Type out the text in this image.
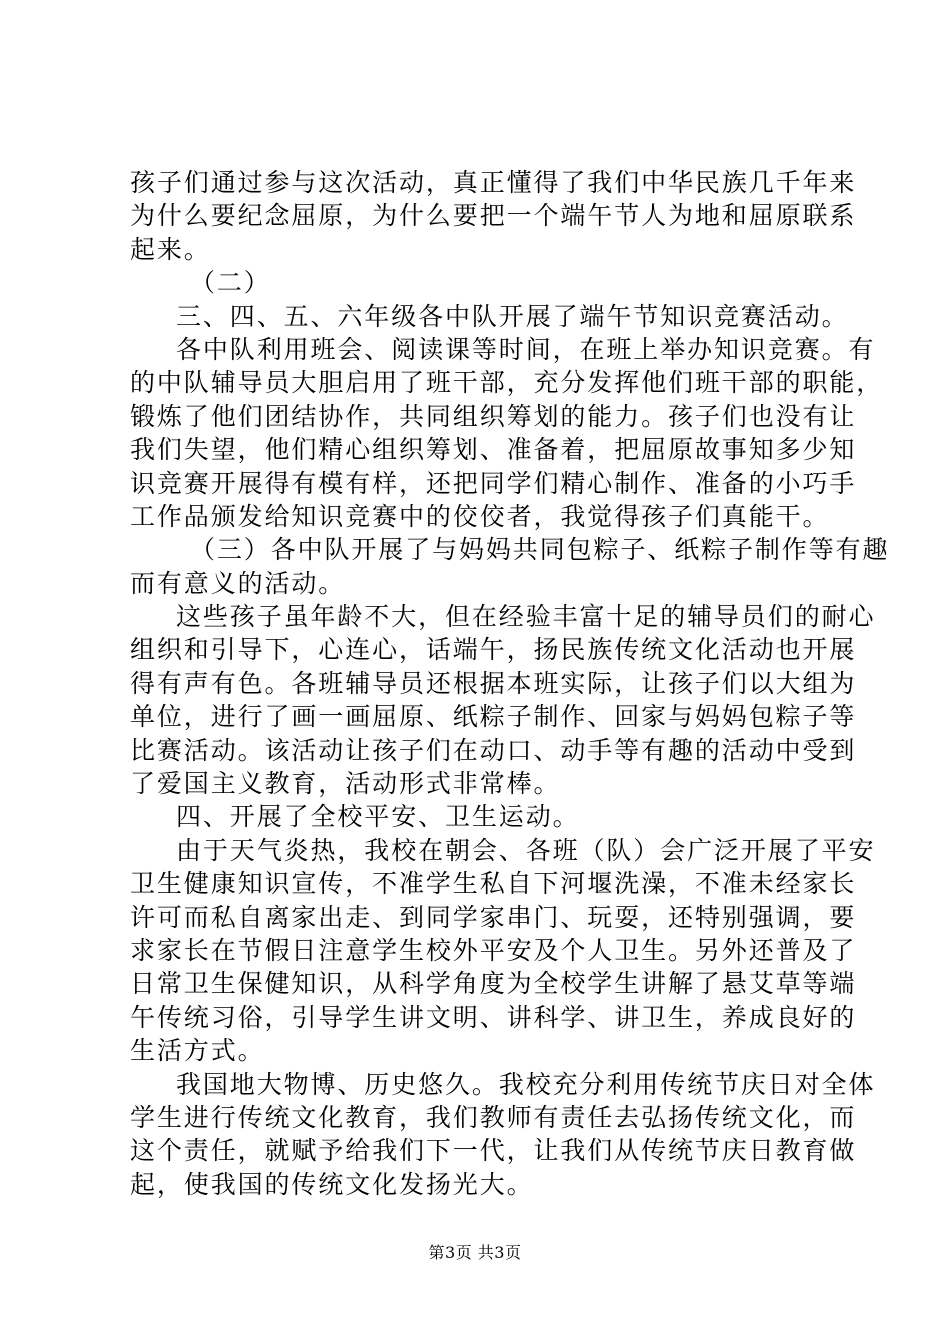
孩子们通过参与这次活动，真正懂得了我们中华民族几千年来
为什么要纪念屈原，为什么要把一个端午节人为地和屈原联系
起来。
（二）
三、四、五、六年级各中队开展了端午节知识竞赛活动。
各中队利用班会、阅读课等时间，在班上举办知识竞赛。有
的中队辅导员大胆启用了班干部，充分发挥他们班干部的职能，
锻炼了他们团结协作，共同组织筹划的能力。孩子们也没有让
我们失望，他们精心组织筹划、准备着，把屈原故事知多少知
识竞赛开展得有模有样，还把同学们精心制作、准备的小巧手
工作品颁发给知识竞赛中的佼佼者，我觉得孩子们真能干。
（三）各中队开展了与妈妈共同包粽子、纸粽子制作等有趣
而有意义的活动。
这些孩子虽年龄不大，但在经验丰富十足的辅导员们的耐心
组织和引导下，心连心，话端午，扬民族传统文化活动也开展
得有声有色。各班辅导员还根据本班实际，让孩子们以大组为
单位，进行了画一画屈原、纸粽子制作、回家与妈妈包粽子等
比赛活动。该活动让孩子们在动口、动手等有趣的活动中受到
了爱国主义教育，活动形式非常棒。
四、开展了全校平安、卫生运动。
由于天气炎热，我校在朝会、各班（队）会广泛开展了平安
卫生健康知识宣传，不准学生私自下河堰洗澡，不准未经家长
许可而私自离家出走、到同学家串门、玩耍，还特别强调，要
求家长在节假日注意学生校外平安及个人卫生。另外还普及了
日常卫生保健知识，从科学角度为全校学生讲解了悬艾草等端
午传统习俗，引导学生讲文明、讲科学、讲卫生，养成良好的
生活方式。
我国地大物博、历史悠久。我校充分利用传统节庆日对全体
学生进行传统文化教育，我们教师有责任去弘扬传统文化，而
这个责任，就赋予给我们下一代，让我们从传统节庆日教育做
起，使我国的传统文化发扬光大。
第3页 共3页
